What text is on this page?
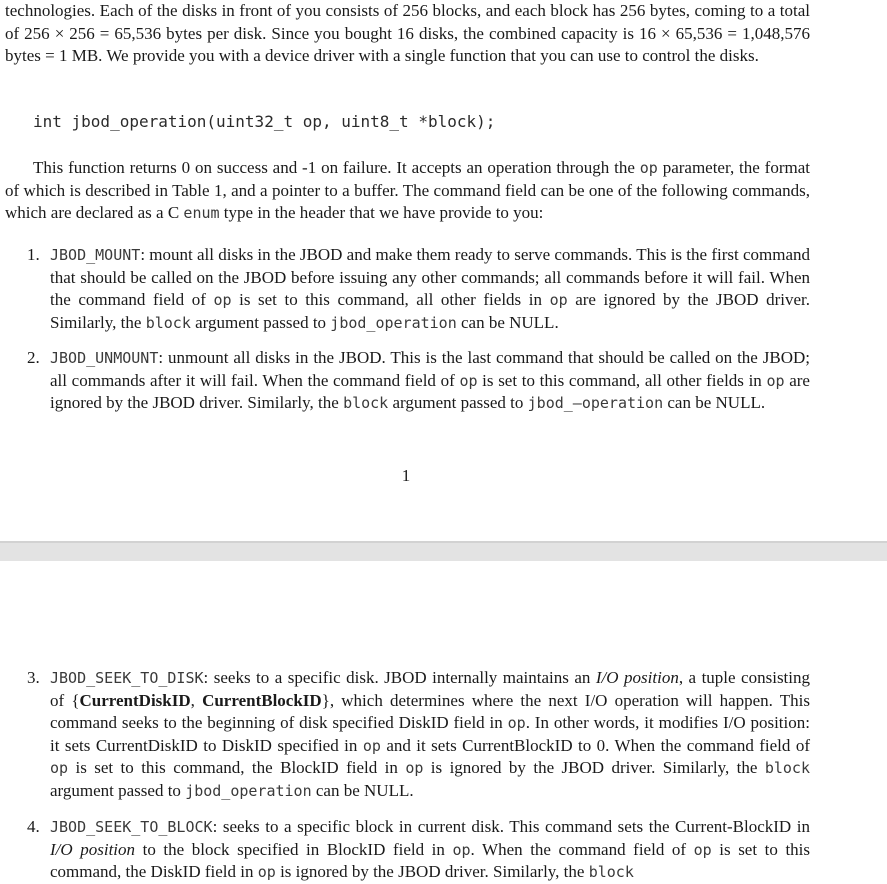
technologies. Each of the disks in front of you consists of 256 blocks, and each block has 256 bytes, coming to a total of 256 × 256 = 65,536 bytes per disk. Since you bought 16 disks, the combined capacity is 16 × 65,536 = 1,048,576 bytes = 1 MB. We provide you with a device driver with a single function that you can use to control the disks.

int jbod_operation(uint32_t op, uint8_t *block);

This function returns 0 on success and -1 on failure. It accepts an operation through the op parameter, the format of which is described in Table 1, and a pointer to a buffer. The command field can be one of the following commands, which are declared as a C enum type in the header that we have provide to you:

1. JBOD_MOUNT: mount all disks in the JBOD and make them ready to serve commands. This is the first command that should be called on the JBOD before issuing any other commands; all commands before it will fail. When the command field of op is set to this command, all other fields in op are ignored by the JBOD driver. Similarly, the block argument passed to jbod_operation can be NULL.

2. JBOD_UNMOUNT: unmount all disks in the JBOD. This is the last command that should be called on the JBOD; all commands after it will fail. When the command field of op is set to this command, all other fields in op are ignored by the JBOD driver. Similarly, the block argument passed to jbod_–operation can be NULL.

1
3. JBOD_SEEK_TO_DISK: seeks to a specific disk. JBOD internally maintains an I/O position, a tuple consisting of {CurrentDiskID, CurrentBlockID}, which determines where the next I/O operation will happen. This command seeks to the beginning of disk specified DiskID field in op. In other words, it modifies I/O position: it sets CurrentDiskID to DiskID specified in op and it sets CurrentBlockID to 0. When the command field of op is set to this command, the BlockID field in op is ignored by the JBOD driver. Similarly, the block argument passed to jbod_operation can be NULL.

4. JBOD_SEEK_TO_BLOCK: seeks to a specific block in current disk. This command sets the Current-BlockID in I/O position to the block specified in BlockID field in op. When the command field of op is set to this command, the DiskID field in op is ignored by the JBOD driver. Similarly, the block
